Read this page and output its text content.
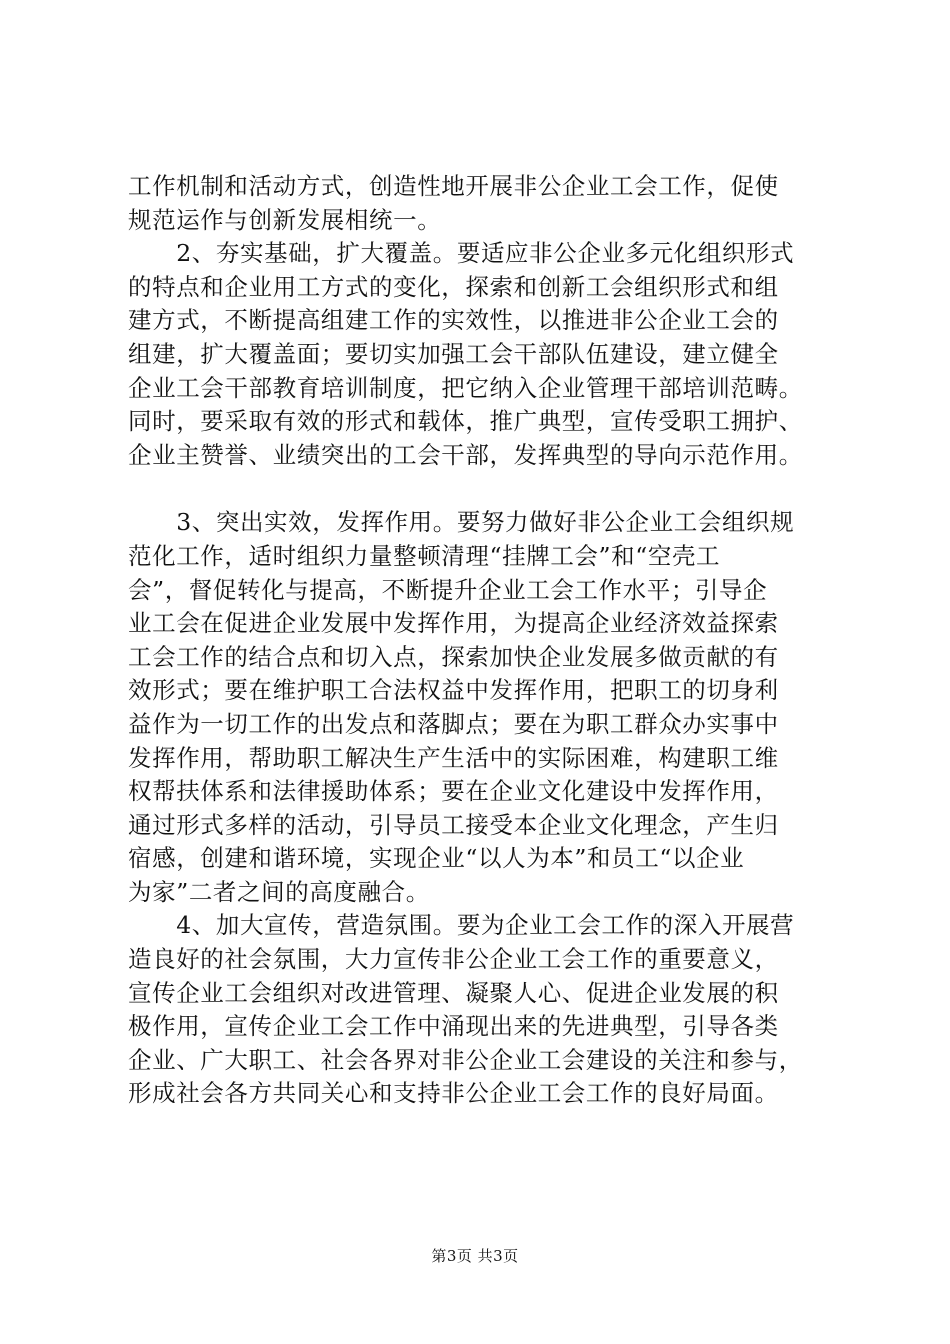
工作机制和活动方式，创造性地开展非公企业工会工作，促使
规范运作与创新发展相统一。
　　2、夯实基础，扩大覆盖。要适应非公企业多元化组织形式
的特点和企业用工方式的变化，探索和创新工会组织形式和组
建方式，不断提高组建工作的实效性，以推进非公企业工会的
组建，扩大覆盖面；要切实加强工会干部队伍建设，建立健全
企业工会干部教育培训制度，把它纳入企业管理干部培训范畴。
同时，要采取有效的形式和载体，推广典型，宣传受职工拥护、
企业主赞誉、业绩突出的工会干部，发挥典型的导向示范作用。
　　3、突出实效，发挥作用。要努力做好非公企业工会组织规
范化工作，适时组织力量整顿清理“挂牌工会”和“空壳工
会”，督促转化与提高，不断提升企业工会工作水平；引导企
业工会在促进企业发展中发挥作用，为提高企业经济效益探索
工会工作的结合点和切入点，探索加快企业发展多做贡献的有
效形式；要在维护职工合法权益中发挥作用，把职工的切身利
益作为一切工作的出发点和落脚点；要在为职工群众办实事中
发挥作用，帮助职工解决生产生活中的实际困难，构建职工维
权帮扶体系和法律援助体系；要在企业文化建设中发挥作用，
通过形式多样的活动，引导员工接受本企业文化理念，产生归
宿感，创建和谐环境，实现企业“以人为本”和员工“以企业
为家”二者之间的高度融合。
　　4、加大宣传，营造氛围。要为企业工会工作的深入开展营
造良好的社会氛围，大力宣传非公企业工会工作的重要意义，
宣传企业工会组织对改进管理、凝聚人心、促进企业发展的积
极作用，宣传企业工会工作中涌现出来的先进典型，引导各类
企业、广大职工、社会各界对非公企业工会建设的关注和参与，
形成社会各方共同关心和支持非公企业工会工作的良好局面。
第3页 共3页
